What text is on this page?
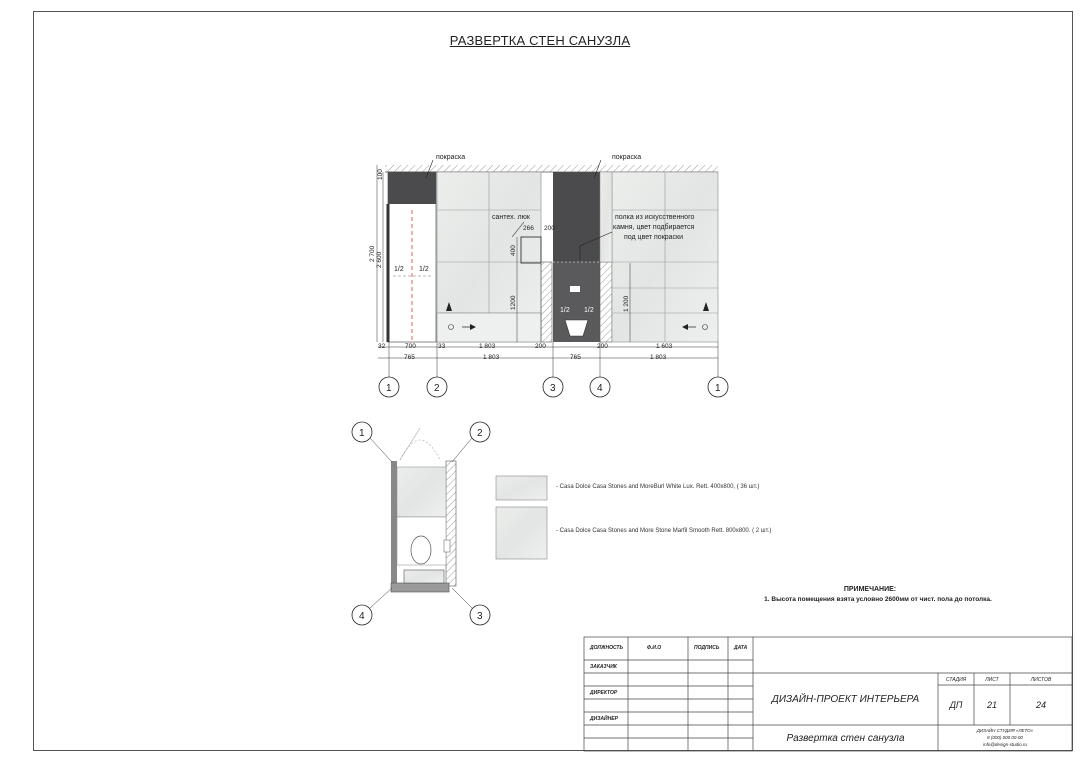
РАЗВЕРТКА СТЕН САНУЗЛА
покраска	покраска
сантех. люк
266 200
полка из искусственного
камня, цвет подбирается
под цвет покраски
100
2 700 2 600
400
1200	1 200
1/2 1/2
1/2 1/2
32	700	33	1 803	200	200	1 603
765	1 803	765	1 803
1	2	3	4	1
1	2
3
4
- Casa Dolce Casa Stones and MoreBurl White Lux. Rett. 400x800, ( 36 шт.)
- Casa Dolce Casa Stones and More Stone Marfil Smooth Rett. 800x800. ( 2 шт.)
ПРИМЕЧАНИЕ:
1. Высота помещения взята условно 2600мм от чист. пола до потолка.
ДОЛЖНОСТЬ	Ф.И.О	ПОДПИСЬ	ДАТА
ЗАКАЗЧИК
ДИРЕКТОР
ДИЗАЙНЕР
ДИЗАЙН-ПРОЕКТ ИНТЕРЬЕРА
Развертка стен санузла
СТАДИЯ	ЛИСТ	ЛИСТОВ
ДП	21	24
ДИЗАЙН СТУДИЯ «ЛЕТО»
8 (000) 000 00-00
info@design-studio.ru
